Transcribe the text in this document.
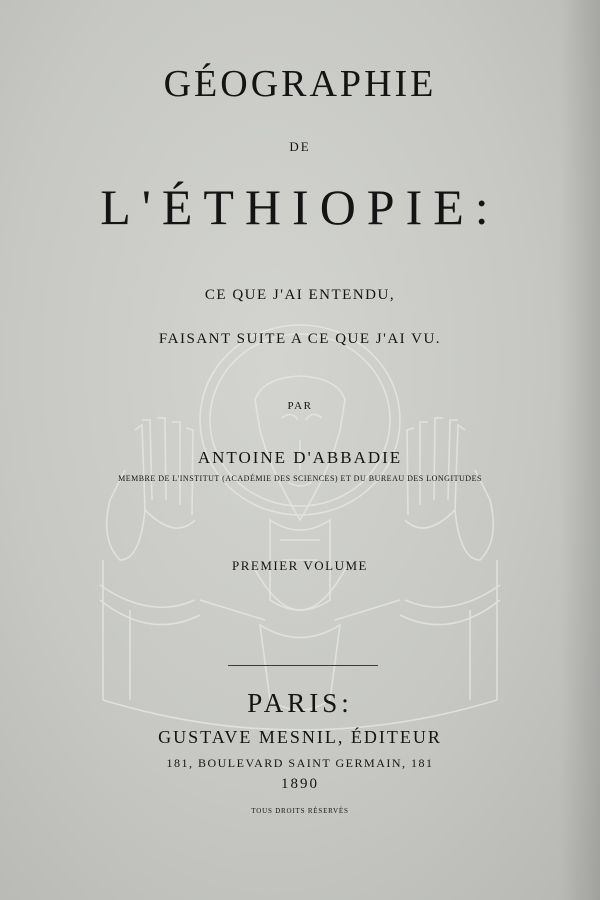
GÉOGRAPHIE
DE
L'ÉTHIOPIE:
CE QUE J'AI ENTENDU,
FAISANT SUITE A CE QUE J'AI VU.
PAR
ANTOINE D'ABBADIE
MEMBRE DE L'INSTITUT (ACADÉMIE DES SCIENCES) ET DU BUREAU DES LONGITUDES
PREMIER VOLUME
PARIS:
GUSTAVE MESNIL, ÉDITEUR
181, BOULEVARD SAINT GERMAIN, 181
1890
TOUS DROITS RÉSERVÉS
